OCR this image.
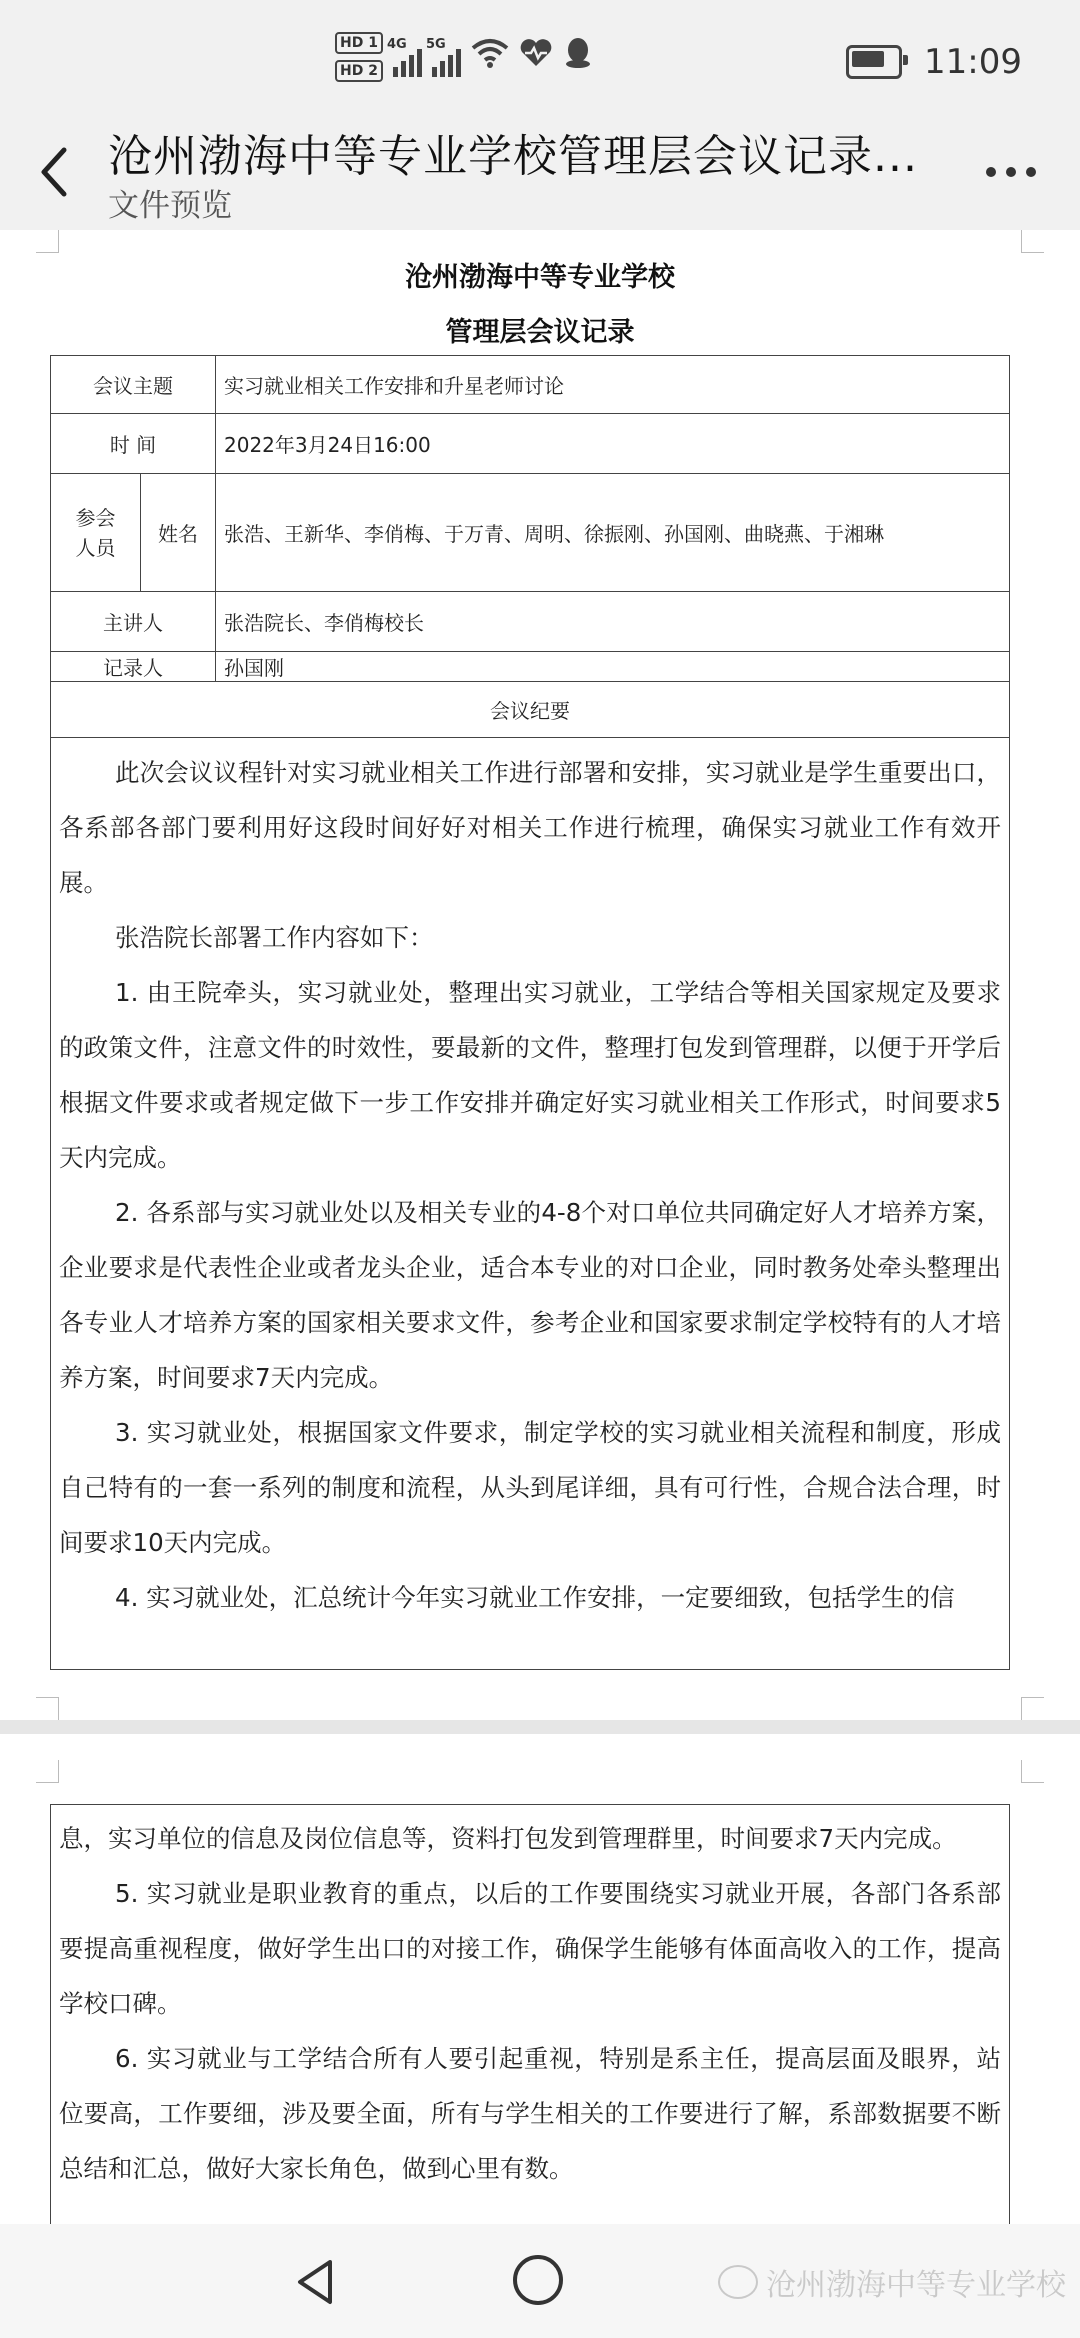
HD 1
HD 2
4G 5G	11:09
沧州渤海中等专业学校管理层会议记录...
文件预览
沧州渤海中等专业学校
管理层会议记录
会议主题		实习就业相关工作安排和升星老师讨论
时 间		2022年3月24日16:00
参会人员	姓名	张浩、王新华、李俏梅、于万青、周明、徐振刚、孙国刚、曲晓燕、于湘琳
主讲人		张浩院长、李俏梅校长
记录人		孙国刚
会议纪要		

此次会议议程针对实习就业相关工作进行部署和安排，实习就业是学生重要出口，各系部各部门要利用好这段时间好好对相关工作进行梳理，确保实习就业工作有效开展。

张浩院长部署工作内容如下：

1. 由王院牵头，实习就业处，整理出实习就业，工学结合等相关国家规定及要求的政策文件，注意文件的时效性，要最新的文件，整理打包发到管理群，以便于开学后根据文件要求或者规定做下一步工作安排并确定好实习就业相关工作形式，时间要求5天内完成。

2. 各系部与实习就业处以及相关专业的4-8个对口单位共同确定好人才培养方案，企业要求是代表性企业或者龙头企业，适合本专业的对口企业，同时教务处牵头整理出各专业人才培养方案的国家相关要求文件，参考企业和国家要求制定学校特有的人才培养方案，时间要求7天内完成。

3. 实习就业处，根据国家文件要求，制定学校的实习就业相关流程和制度，形成自己特有的一套一系列的制度和流程，从头到尾详细，具有可行性，合规合法合理，时间要求10天内完成。

4. 实习就业处，汇总统计今年实习就业工作安排，一定要细致，包括学生的信

息，实习单位的信息及岗位信息等，资料打包发到管理群里，时间要求7天内完成。

5. 实习就业是职业教育的重点，以后的工作要围绕实习就业开展，各部门各系部要提高重视程度，做好学生出口的对接工作，确保学生能够有体面高收入的工作，提高学校口碑。

6. 实习就业与工学结合所有人要引起重视，特别是系主任，提高层面及眼界，站位要高，工作要细，涉及要全面，所有与学生相关的工作要进行了解，系部数据要不断总结和汇总，做好大家长角色，做到心里有数。

沧州渤海中等专业学校
